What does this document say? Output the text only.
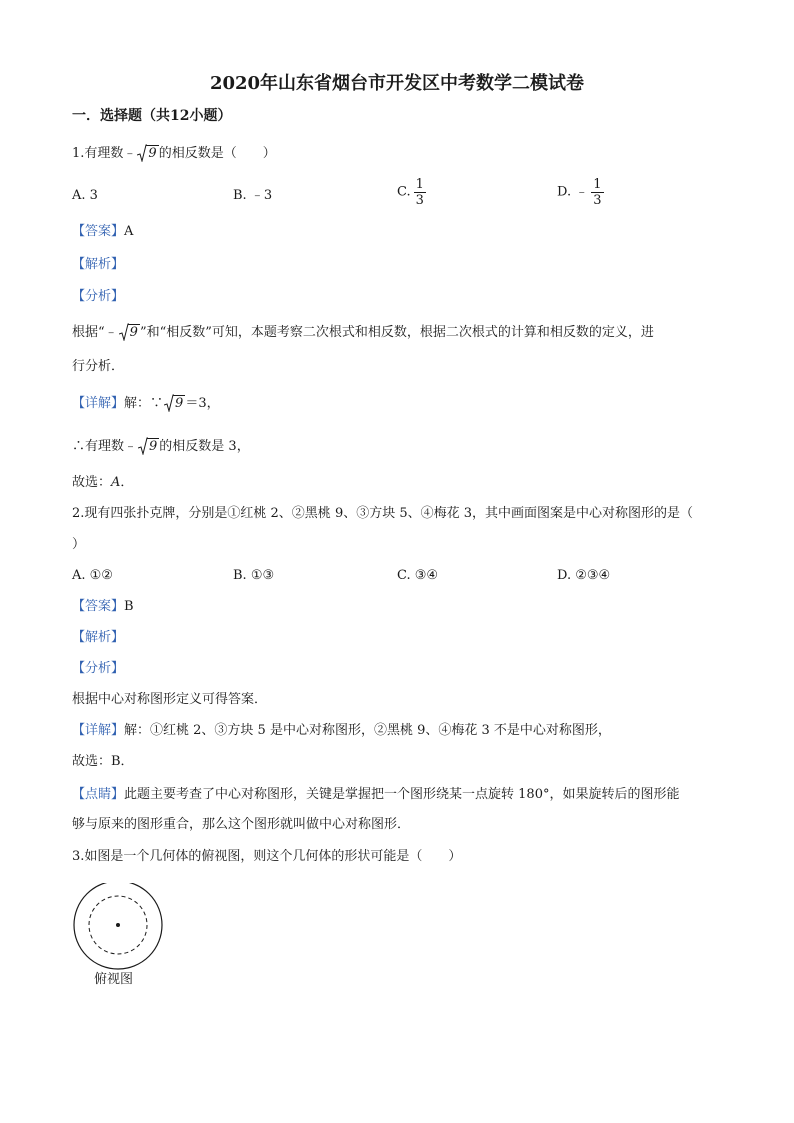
2020年山东省烟台市开发区中考数学二模试卷
一．选择题（共12小题）
1.有理数﹣ 9 的相反数是（　　）
A. 3	B. ﹣3	C. $\frac{1}{3}$	D. ﹣ $\frac{1}{3}$
【答案】A
【解析】
【分析】
根据“﹣ 9 ”和“相反数”可知，本题考察二次根式和相反数，根据二次根式的计算和相反数的定义，进
行分析．
【详解】解：∵ 9 ＝3，
∴有理数﹣ 9 的相反数是 3，
故选：A．
2.现有四张扑克牌，分别是①红桃 2、②黑桃 9、③方块 5、④梅花 3，其中画面图案是中心对称图形的是（
）
A. ①②	B. ①③	C. ③④	D. ②③④
【答案】B
【解析】
【分析】
根据中心对称图形定义可得答案．
【详解】解：①红桃 2、③方块 5 是中心对称图形，②黑桃 9、④梅花 3 不是中心对称图形，
故选：B．
【点睛】此题主要考查了中心对称图形，关键是掌握把一个图形绕某一点旋转 180°，如果旋转后的图形能
够与原来的图形重合，那么这个图形就叫做中心对称图形．
3.如图是一个几何体的俯视图，则这个几何体的形状可能是（　　）
俯视图
